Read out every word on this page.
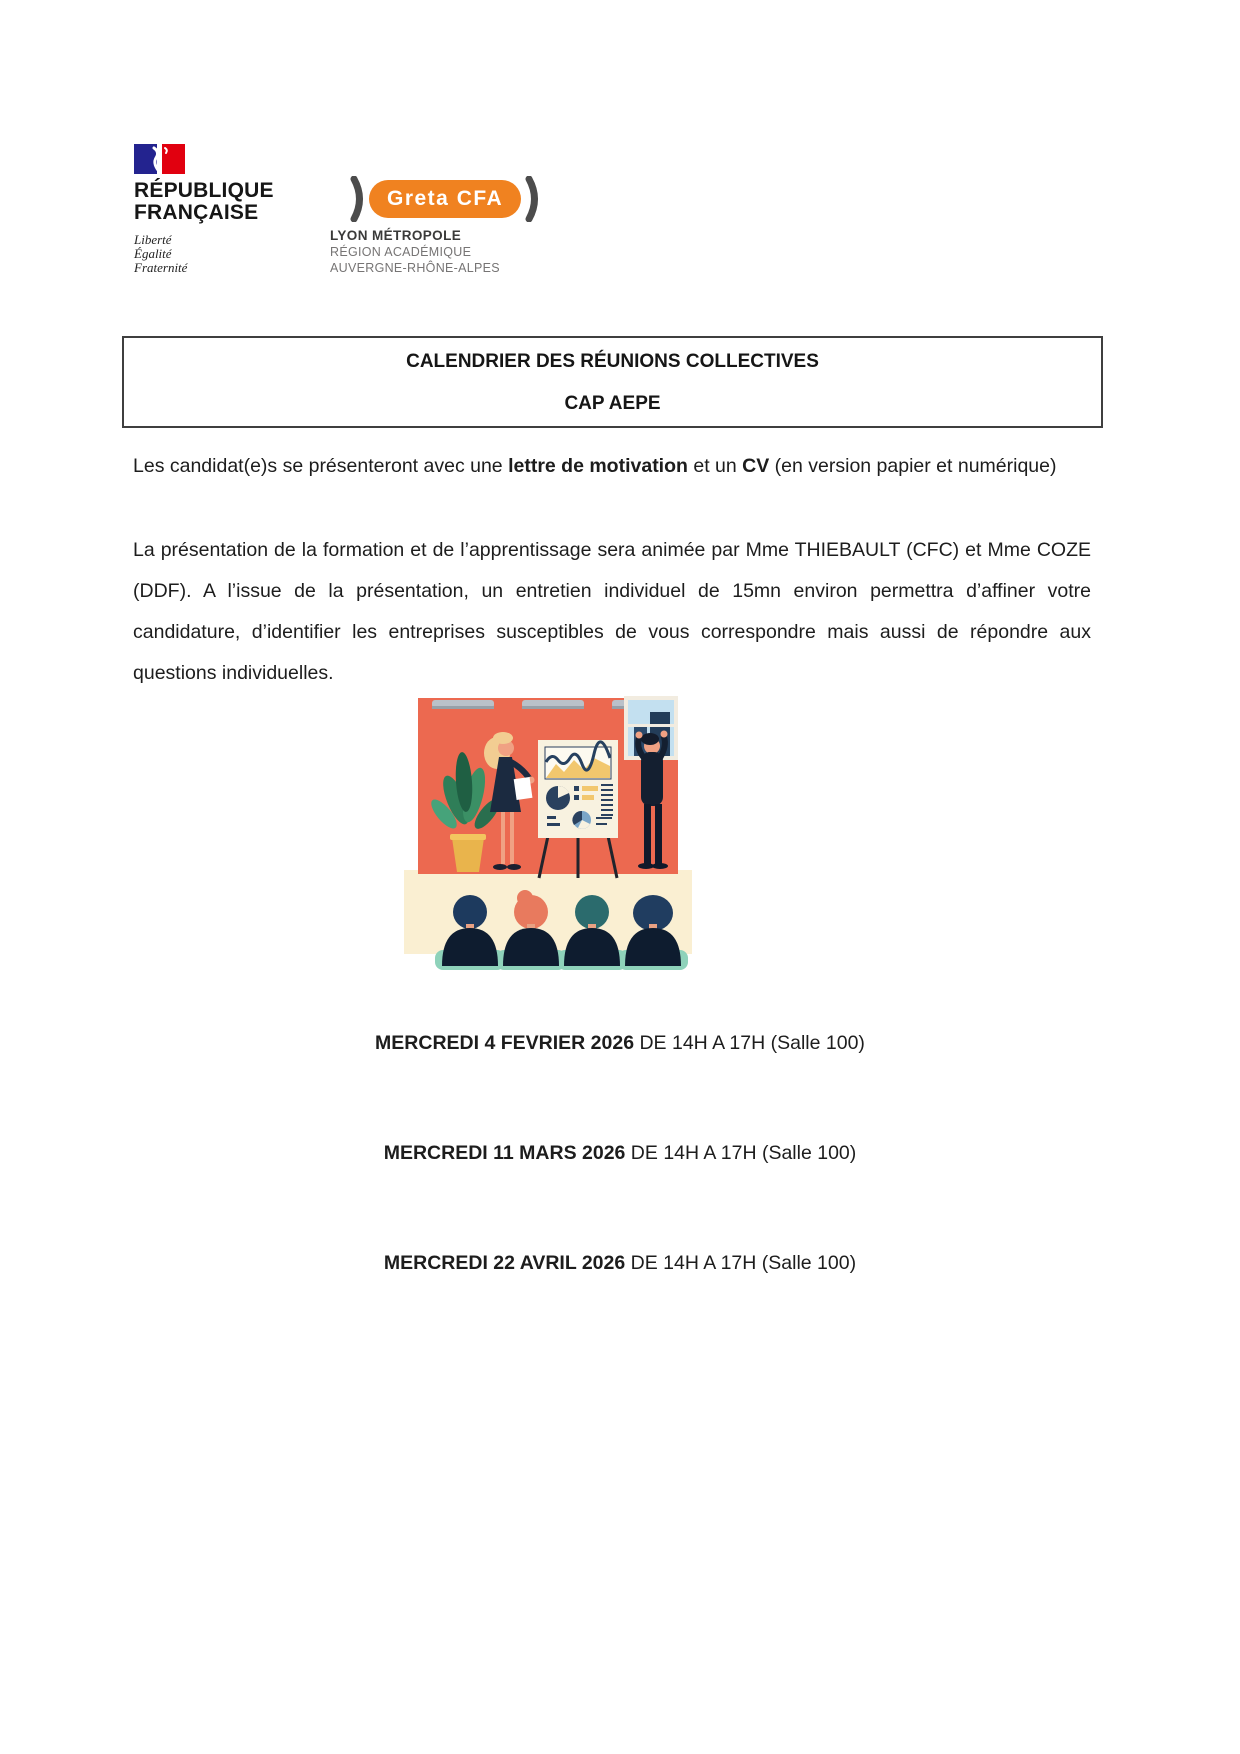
RÉPUBLIQUE
FRANÇAISE
Liberté
Égalité
Fraternité
Greta CFA
LYON MÉTROPOLE
RÉGION ACADÉMIQUE
AUVERGNE-RHÔNE-ALPES
CALENDRIER DES RÉUNIONS COLLECTIVES
CAP AEPE

Les candidat(e)s se présenteront avec une lettre de motivation et un CV (en version papier et numérique)

La présentation de la formation et de l’apprentissage sera animée par Mme THIEBAULT (CFC) et Mme COZE (DDF). A l’issue de la présentation, un entretien individuel de 15mn environ permettra d’affiner votre candidature, d’identifier les entreprises susceptibles de vous correspondre mais aussi de répondre aux questions individuelles.

MERCREDI 4 FEVRIER 2026 DE 14H A 17H (Salle 100)
MERCREDI 11 MARS 2026 DE 14H A 17H (Salle 100)
MERCREDI 22 AVRIL 2026 DE 14H A 17H (Salle 100)
